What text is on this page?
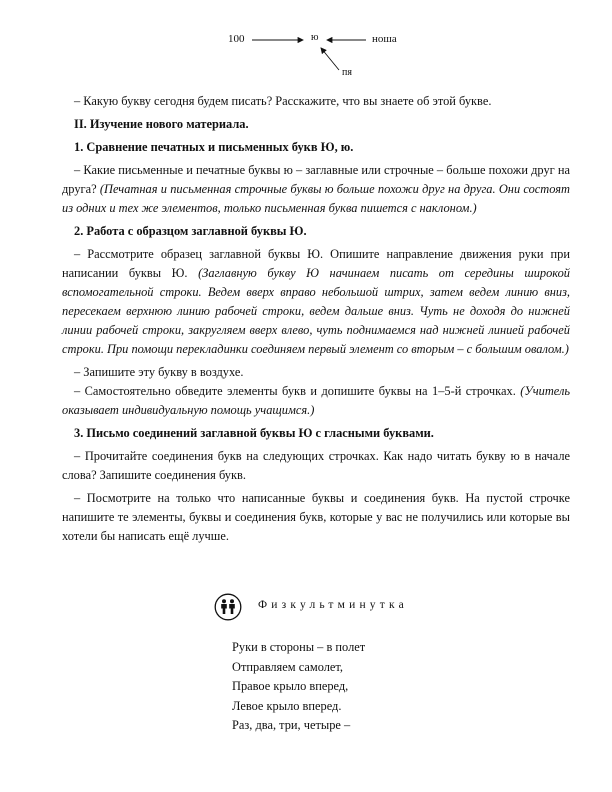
100	ю	ноша
пя

– Какую букву сегодня будем писать? Расскажите, что вы знаете об этой букве.

II. Изучение нового материала.

1. Сравнение печатных и письменных букв Ю, ю.

– Какие письменные и печатные буквы ю – заглавные или строчные – больше похожи друг на друга? (Печатная и письменная строчные буквы ю больше похожи друг на друга. Они состоят из одних и тех же элементов, только письменная буква пишется с наклоном.)

2. Работа с образцом заглавной буквы Ю.

– Рассмотрите образец заглавной буквы Ю. Опишите направление движения руки при написании буквы Ю. (Заглавную букву Ю начинаем писать от середины широкой вспомогательной строки. Ведем вверх вправо небольшой штрих, затем ведем линию вниз, пересекаем верхнюю линию рабочей строки, ведем дальше вниз. Чуть не доходя до нижней линии рабочей строки, закругляем вверх влево, чуть поднимаемся над нижней линией рабочей строки. При помощи перекладинки соединяем первый элемент со вторым – с большим овалом.)

– Запишите эту букву в воздухе.

– Самостоятельно обведите элементы букв и допишите буквы на 1–5-й строчках. (Учитель оказывает индивидуальную помощь учащимся.)

3. Письмо соединений заглавной буквы Ю с гласными буквами.

– Прочитайте соединения букв на следующих строчках. Как надо читать букву ю в начале слова? Запишите соединения букв.

– Посмотрите на только что написанные буквы и соединения букв. На пустой строчке напишите те элементы, буквы и соединения букв, которые у вас не получились или которые вы хотели бы написать ещё лучше.

Физкультминутка
Руки в стороны – в полет
Отправляем самолет,
Правое крыло вперед,
Левое крыло вперед.
Раз, два, три, четыре –
